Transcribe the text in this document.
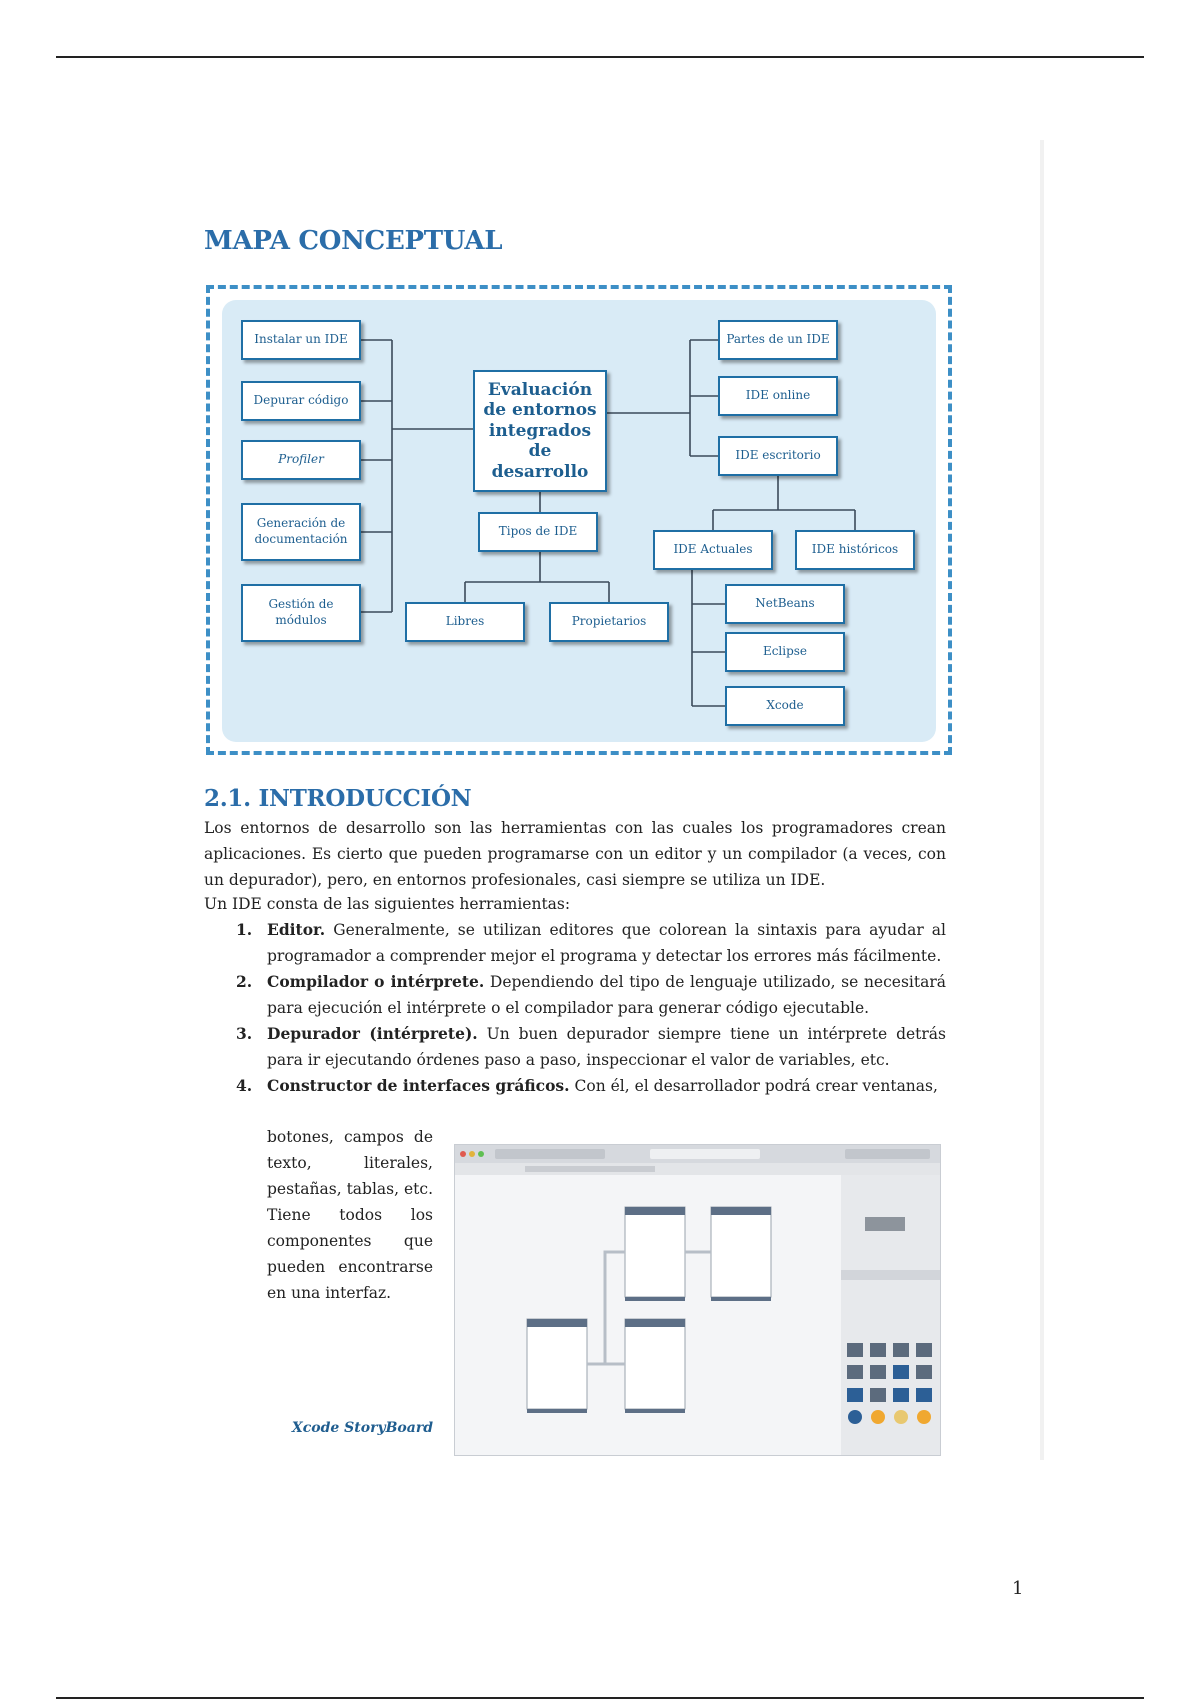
MAPA CONCEPTUAL
Instalar un IDE
Depurar código
Profiler
Generación de documentación
Gestión de módulos
Evaluación de entornos integrados de desarrollo
Tipos de IDE
Libres	Propietarios
Partes de un IDE
IDE online
IDE escritorio
IDE Actuales	IDE históricos
NetBeans
Eclipse
Xcode
2.1. INTRODUCCIÓN

Los entornos de desarrollo son las herramientas con las cuales los programadores crean aplicaciones. Es cierto que pueden programarse con un editor y un compilador (a veces, con un depurador), pero, en entornos profesionales, casi siempre se utiliza un IDE.

Un IDE consta de las siguientes herramientas:

1. Editor. Generalmente, se utilizan editores que colorean la sintaxis para ayudar al programador a comprender mejor el programa y detectar los errores más fácilmente.
2. Compilador o intérprete. Dependiendo del tipo de lenguaje utilizado, se necesitará para ejecución el intérprete o el compilador para generar código ejecutable.
3. Depurador (intérprete). Un buen depurador siempre tiene un intérprete detrás para ir ejecutando órdenes paso a paso, inspeccionar el valor de variables, etc.
4. Constructor de interfaces gráficos. Con él, el desarrollador podrá crear ventanas,

botones, campos de texto, literales, pestañas, tablas, etc. Tiene todos los componentes que pueden encontrarse en una interfaz.

Xcode StoryBoard
1
